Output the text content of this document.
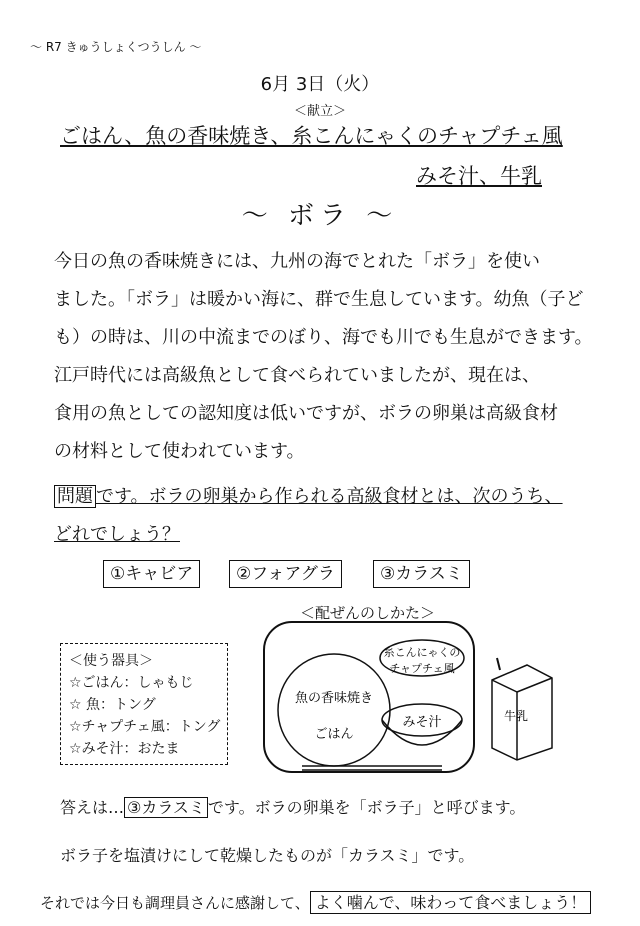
～ R7 きゅうしょくつうしん ～
6月 3日（火）
＜献立＞
ごはん、魚の香味焼き、糸こんにゃくのチャプチェ風
みそ汁、牛乳
～ ボラ ～

今日の魚の香味焼きには、九州の海でとれた「ボラ」を使い

ました。「ボラ」は暖かい海に、群で生息しています。幼魚（子ど

も）の時は、川の中流までのぼり、海でも川でも生息ができます。

江戸時代には高級魚として食べられていましたが、現在は、

食用の魚としての認知度は低いですが、ボラの卵巣は高級食材

の材料として使われています。

問題 です。ボラの卵巣から作られる高級食材とは、次のうち、

どれでしょう？

①キャビア	②フォアグラ	③カラスミ
＜配ぜんのしかた＞
＜使う器具＞
☆ごはん：しゃもじ
☆ 魚：トング
☆チャプチェ風：トング
☆みそ汁：おたま
魚の香味焼き
ごはん
糸こんにゃくの
チャプチェ風
みそ汁	牛乳
答えは… ③カラスミ です。ボラの卵巣を「ボラ子」と呼びます。
ボラ子を塩漬けにして乾燥したものが「カラスミ」です。
それでは今日も調理員さんに感謝して、 よく噛んで、味わって食べましょう！
